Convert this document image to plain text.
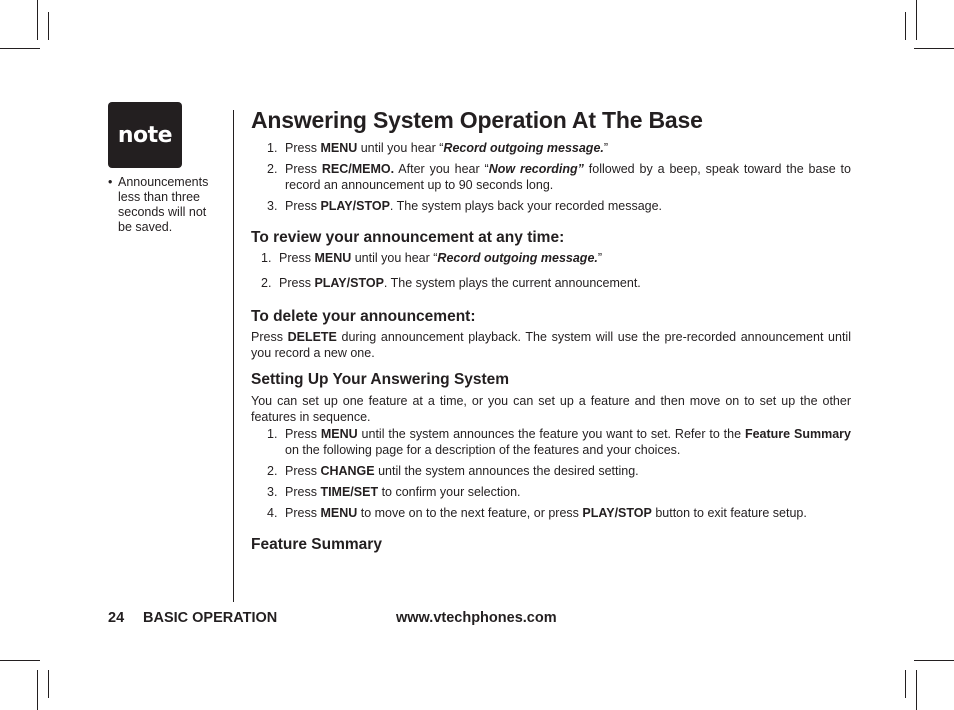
note
• Announcements less than three seconds will not be saved.
Answering System Operation At The Base
1. Press MENU until you hear “Record outgoing message.”
2. Press REC/MEMO. After you hear “Now recording” followed by a beep, speak toward the base to record an announcement up to 90 seconds long.
3. Press PLAY/STOP. The system plays back your recorded message.
To review your announcement at any time:
1. Press MENU until you hear “Record outgoing message.”
2. Press PLAY/STOP. The system plays the current announcement.
To delete your announcement:

Press DELETE during announcement playback. The system will use the pre-recorded announcement until you record a new one.

Setting Up Your Answering System

You can set up one feature at a time, or you can set up a feature and then move on to set up the other features in sequence.

1. Press MENU until the system announces the feature you want to set. Refer to the Feature Summary on the following page for a description of the features and your choices.
2. Press CHANGE until the system announces the desired setting.
3. Press TIME/SET to confirm your selection.
4. Press MENU to move on to the next feature, or press PLAY/STOP button to exit feature setup.
Feature Summary
24 BASIC OPERATION	www.vtechphones.com
